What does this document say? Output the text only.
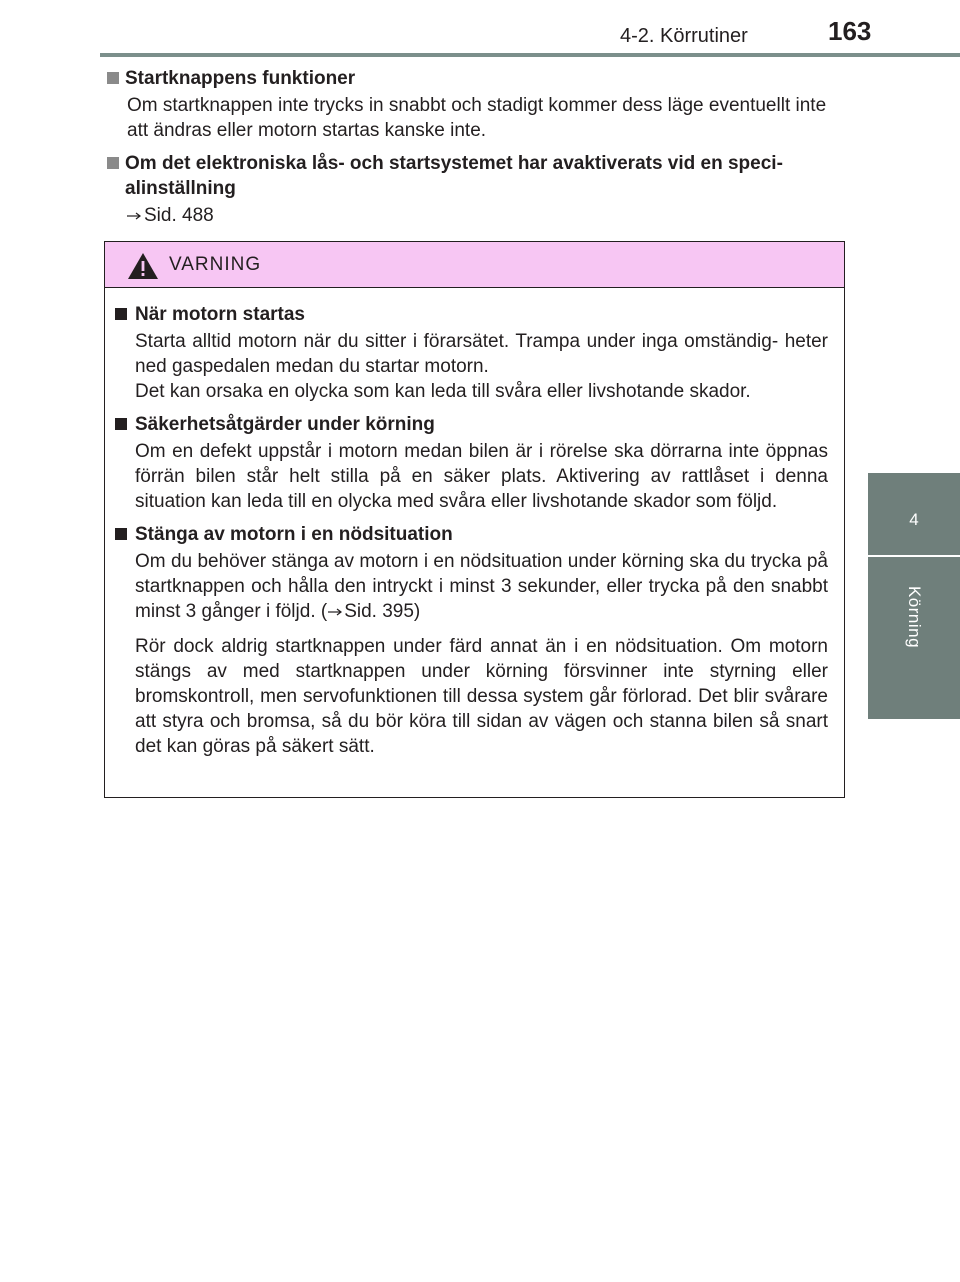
4-2. Körrutiner	163
4
Körning
Startknappens funktioner
Om startknappen inte trycks in snabbt och stadigt kommer dess läge eventuellt inte att ändras eller motorn startas kanske inte.
Om det elektroniska lås- och startsystemet har avaktiverats vid en speci- alinställning
Sid. 488
VARNING
När motorn startas
Starta alltid motorn när du sitter i förarsätet. Trampa under inga omständig- heter ned gaspedalen medan du startar motorn.
Det kan orsaka en olycka som kan leda till svåra eller livshotande skador.
Säkerhetsåtgärder under körning
Om en defekt uppstår i motorn medan bilen är i rörelse ska dörrarna inte öppnas förrän bilen står helt stilla på en säker plats. Aktivering av rattlåset i denna situation kan leda till en olycka med svåra eller livshotande skador som följd.
Stänga av motorn i en nödsituation
Om du behöver stänga av motorn i en nödsituation under körning ska du trycka på startknappen och hålla den intryckt i minst 3 sekunder, eller trycka på den snabbt minst 3 gånger i följd. ( Sid. 395)
Rör dock aldrig startknappen under färd annat än i en nödsituation. Om motorn stängs av med startknappen under körning försvinner inte styrning eller bromskontroll, men servofunktionen till dessa system går förlorad. Det blir svårare att styra och bromsa, så du bör köra till sidan av vägen och stanna bilen så snart det kan göras på säkert sätt.
